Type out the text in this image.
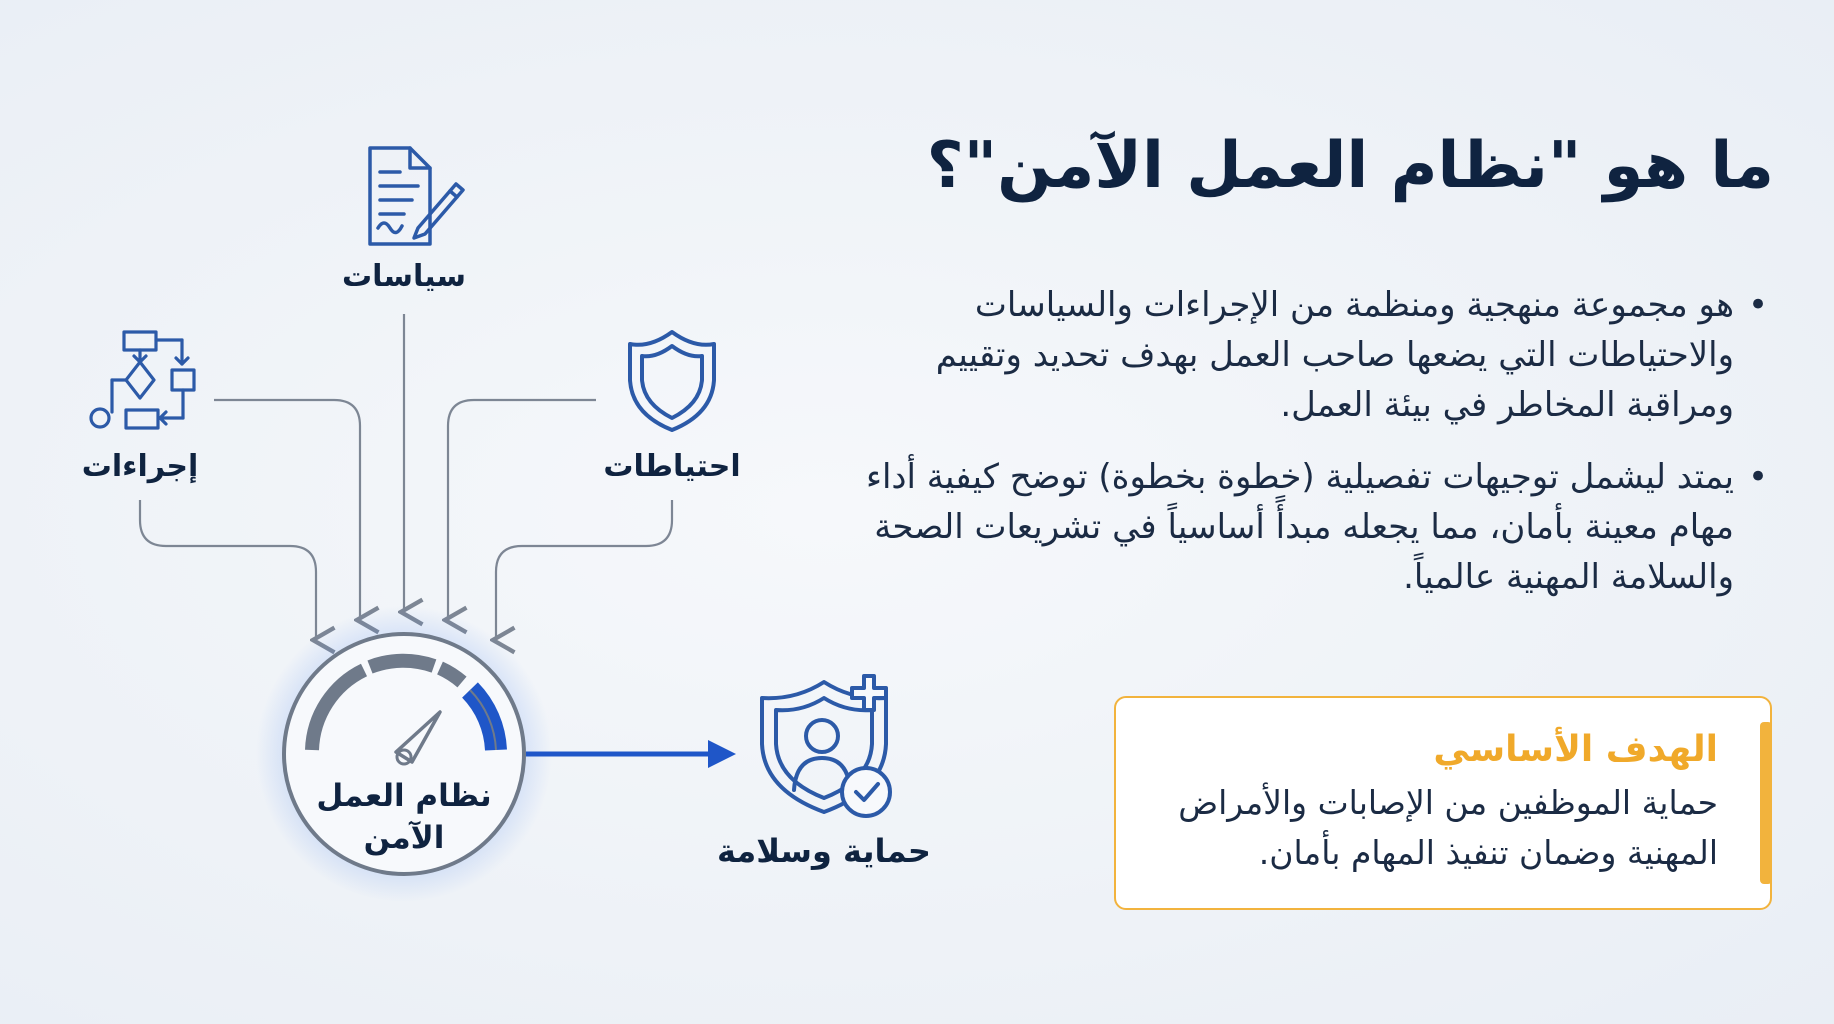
سياسات
إجراءات	احتياطات
نظام العمل
الآمن	حماية وسلامة
ما هو "نظام العمل الآمن"؟
• هو مجموعة منهجية ومنظمة من الإجراءات والسياسات والاحتياطات التي يضعها صاحب العمل بهدف تحديد وتقييم ومراقبة المخاطر في بيئة العمل.
• يمتد ليشمل توجيهات تفصيلية (خطوة بخطوة) توضح كيفية أداء مهام معينة بأمان، مما يجعله مبدأً أساسياً في تشريعات الصحة والسلامة المهنية عالمياً.
الهدف الأساسي
حماية الموظفين من الإصابات والأمراض المهنية وضمان تنفيذ المهام بأمان.
